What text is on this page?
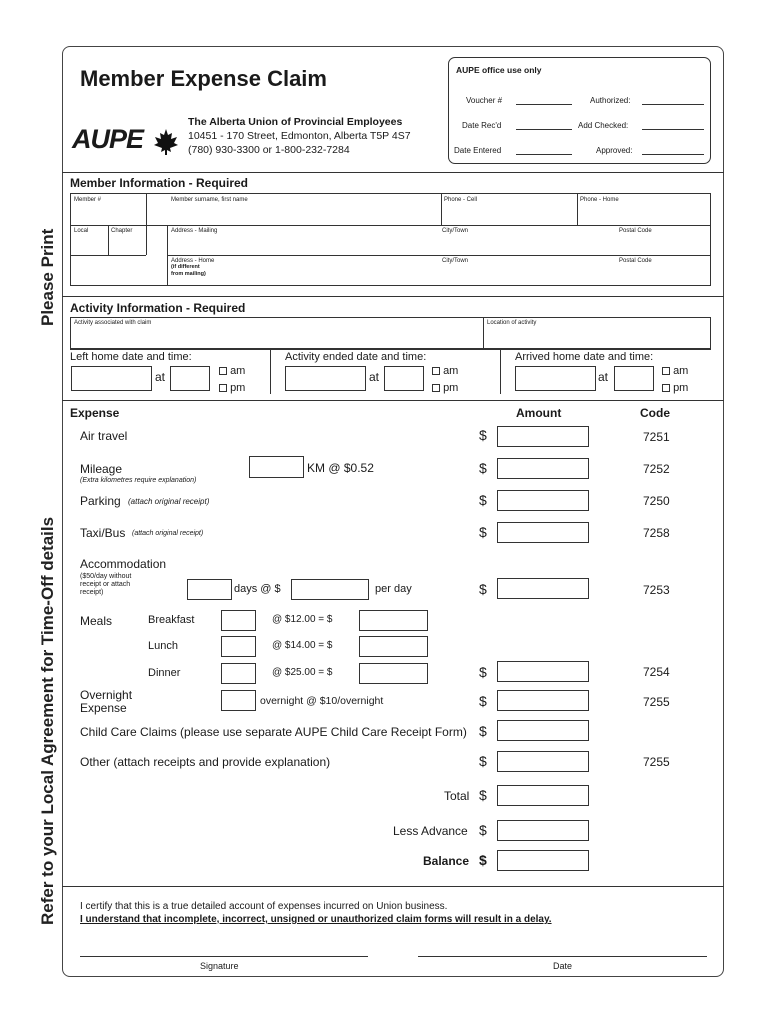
Please Print
Refer to your Local Agreement for Time-Off details
Member Expense Claim
AUPE
The Alberta Union of Provincial Employees
10451 - 170 Street, Edmonton, Alberta T5P 4S7
(780) 930-3300 or 1-800-232-7284
AUPE office use only
Voucher #	Authorized:
Date Rec'd	Add Checked:
Date Entered	Approved:
Member Information - Required
Member #	Member surname, first name	Phone - Cell	Phone - Home
Local	Chapter	Address - Mailing	City/Town	Postal Code
Address - Home
(if different
from mailing)
City/Town	Postal Code
Activity Information - Required
Activity associated with claim	Location of activity
Left home date and time:
at	am
pm
Activity ended date and time:
at	am
pm
Arrived home date and time:
at	am
pm
Expense	Amount	Code
Air travel	$	7251
Mileage
(Extra kilometres require explanation)
KM @ $0.52	$	7252
Parking (attach original receipt)	$	7250
Taxi/Bus (attach original receipt)	$	7258
Accommodation
($50/day without
receipt or attach
receipt)	days @ $	per day	$	7253
Meals	Breakfast	@ $12.00 = $
Lunch	@ $14.00 = $
Dinner	@ $25.00 = $	$	7254
Overnight
Expense	overnight @ $10/overnight	$	7255
Child Care Claims (please use separate AUPE Child Care Receipt Form) $
Other (attach receipts and provide explanation)	$	7255
Total $
Less Advance $
Balance $
I certify that this is a true detailed account of expenses incurred on Union business.
I understand that incomplete, incorrect, unsigned or unauthorized claim forms will result in a delay.
Signature	Date
